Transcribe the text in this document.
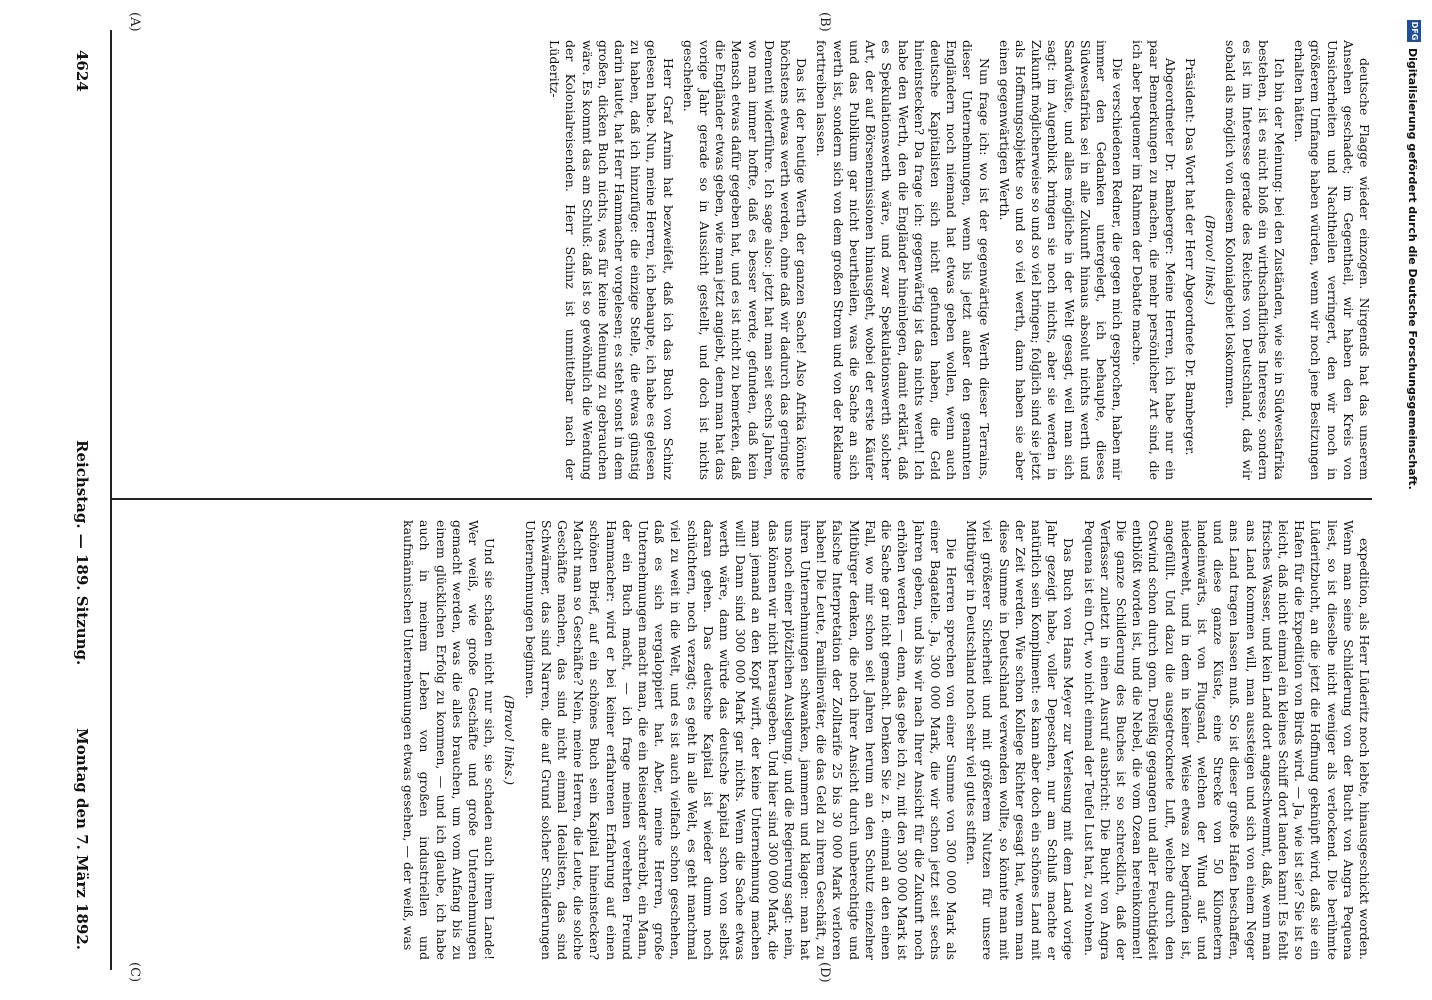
4624
Reichstag. — 189. Sitzung.
Montag den 7. März 1892.
(A)	(B)
(C)	(D)

deutsche Flagge wieder einzogen. Nirgends hat das unserem Ansehen geschadet; im Gegentheil, wir haben den Kreis von Unsicherheiten und Nachtheilen verringert, den wir noch in größerem Umfange haben würden, wenn wir noch jene Besitzungen erhalten hätten.

Ich bin der Meinung: bei den Zuständen, wie sie in Südwestafrika bestehen, ist es nicht bloß ein wirthschaftliches Interesse, sondern es ist im Interesse gerade des Reiches von Deutschland, daß wir sobald als möglich von diesem Kolonialgebiet loskommen.

(Bravo! links.)

Präsident: Das Wort hat der Herr Abgeordnete Dr. Bamberger.

Abgeordneter Dr. Bamberger: Meine Herren, ich habe nur ein paar Bemerkungen zu machen, die mehr persönlicher Art sind, die ich aber bequemer im Rahmen der Debatte mache.

Die verschiedenen Redner, die gegen mich gesprochen, haben mir immer den Gedanken untergelegt, ich behaupte, dieses Südwestafrika sei in alle Zukunft hinaus absolut nichts werth und Sandwüste, und alles mögliche in der Welt gesagt, weil man sich sagt: im Augenblick bringen sie noch nichts, aber sie werden in Zukunft möglicherweise so und so viel bringen; folglich sind sie jetzt als Hoffnungsobjekte so und so viel werth, dann haben sie aber einen gegenwärtigen Werth.

Nun frage ich: wo ist der gegenwärtige Werth dieser Terrains, dieser Unternehmungen, wenn bis jetzt außer den genannten Engländern noch niemand hat etwas geben wollen, wenn auch deutsche Kapitalisten sich nicht gefunden haben, die Geld hineinstecken? Da frage ich: gegenwärtig ist das nichts werth! Ich habe den Werth, den die Engländer hineinlegen, damit erklärt, daß es Spekulationswerth wäre, und zwar Spekulationswerth solcher Art, der auf Börsenemissionen hinausgeht, wobei der erste Käufer und das Publikum gar nicht beurtheilen, was die Sache an sich werth ist, sondern sich von dem großen Strom und von der Reklame forttreiben lassen.

Das ist der heutige Werth der ganzen Sache! Also Afrika könnte höchstens etwas werth werden, ohne daß wir dadurch das geringste Dementi widerführe. Ich sage also: jetzt hat man seit sechs Jahren, wo man immer hoffte, daß es besser werde, gefunden, daß kein Mensch etwas dafür gegeben hat, und es ist nicht zu bemerken, daß die Engländer etwas geben, wie man jetzt angiebt, denn man hat das vorige Jahr gerade so in Aussicht gestellt, und doch ist nichts geschehen.

Herr Graf Arnim hat bezweifelt, daß ich das Buch von Schinz gelesen habe. Nun, meine Herren, ich behaupte, ich habe es gelesen zu haben, daß ich hinzufüge: die einzige Stelle, die etwas günstig darin lautet, hat Herr Hammacher vorgelesen; es steht sonst in dem großen, dicken Buch nichts, was für keine Meinung zu gebrauchen wäre. Es kommt das am Schluß: daß ist so gewöhnlich die Wendung der Kolonialreisenden. Herr Schinz ist unmittelbar nach der Lüderitz-

expedition, als Herr Lüderitz noch lebte, hinausgeschickt worden. Wenn man seine Schilderung von der Bucht von Angra Pequena liest, so ist dieselbe nicht weniger als verlockend. Die berühmte Lüderitzbucht, an die jetzt die Hoffnung geknüpft wird, daß sie ein Hafen für die Expedition von Birds wird. — Ja, wie ist sie? Sie ist so leicht, daß nicht einmal ein kleines Schiff dort landen kann! Es fehlt frisches Wasser, und kein Land dort angeschwemmt, daß, wenn man ans Land kommen will, man aussteigen und sich von einem Neger ans Land tragen lassen muß. So ist dieser große Hafen beschaffen, und diese ganze Küste, eine Strecke von 50 Kilometern landeinwärts, ist von Flugsand, welchen der Wind auf- und niederweht, und in dem in keiner Weise etwas zu begründen ist, angefüllt. Und dazu die ausgetrocknete Luft, welche durch den Ostwind schon durch gom. Dreißig gegangen und aller Feuchtigkeit entblößt worden ist, und die Nebel, die vom Ozean hereinkommen! Die ganze Schilderung des Buches ist so schrecklich, daß der Verfasser zuletzt in einen Ausruf ausbricht: Die Bucht von Angra Pequena ist ein Ort, wo nicht einmal der Teufel Lust hat, zu wohnen.

Das Buch von Hans Meyer zur Verlesung mit dem Land vorige Jahr gezeigt habe, voller Depeschen, nur am Schluß machte er natürlich sein Kompliment: es kann aber doch ein schönes Land mit der Zeit werden. Wie schon Kollege Richter gesagt hat, wenn man diese Summe in Deutschland verwenden wollte, so könnte man mit viel größerer Sicherheit und mit größerem Nutzen für unsere Mitbürger in Deutschland noch sehr viel gutes stiften.

Die Herren sprechen von einer Summe von 300 000 Mark als einer Bagatelle. Ja, 300 000 Mark, die wir schon jetzt seit sechs Jahren geben, und bis wir nach Ihrer Ansicht für die Zukunft noch erhöhen werden — denn, das gebe ich zu, mit den 300 000 Mark ist die Sache gar nicht gemacht. Denken Sie z. B. einmal an den einen Fall, wo mir schon seit Jahren herum an den Schutz einzelner Mitbürger denken, die noch ihrer Ansicht durch unberechtigte und falsche Interpretation der Zolltarife 25 bis 30 000 Mark verloren haben! Die Leute, Familienväter, die das Geld zu ihrem Geschäft, zu ihren Unternehmungen schwanken, jammern und klagen: man hat uns noch einer plötzlichen Auslegung, und die Regierung sagt: nein, das können wir nicht herausgeben. Und hier sind 300 000 Mark, die man jemand an den Kopf wirft, der keine Unternehmung machen will! Dann sind 300 000 Mark gar nichts. Wenn die Sache etwas werth wäre, dann würde das deutsche Kapital schon von selbst daran gehen. Das deutsche Kapital ist wieder dumm noch schüchtern, noch verzagt; es geht in alle Welt, es geht manchmal viel zu weit in die Welt, und es ist auch vielfach schon geschehen, daß es sich vergaloppiert hat. Aber, meine Herren, große Unternehmungen macht man, die ein Reisender schreibt, ein Mann, der ein Buch macht, — ich frage meinen verehrten Freund Hammacher: wird er bei keiner erfahrenen Erfahrung auf einen schönen Brief, auf ein schönes Buch sein Kapital hineinstecken? Macht man so Geschäfte? Nein, meine Herren, die Leute, die solche Geschäfte machen, das sind nicht einmal Idealisten, das sind Schwärmer, das sind Narren, die auf Grund solcher Schilderungen Unternehmungen beginnen.

(Bravo! links.)

Und sie schaden nicht nur sich, sie schaden auch ihrem Lande! Wer weiß, wie große Geschäfte und große Unternehmungen gemacht werden, was die alles brauchen, um vom Anfang bis zu einem glücklichen Erfolg zu kommen, — und ich glaube, ich habe auch in meinem Leben von großen industriellen und kaufmännischen Unternehmungen etwas gesehen, — der weiß, was

DFG
Digitalisierung gefördert durch die Deutsche Forschungsgemeinschaft.
